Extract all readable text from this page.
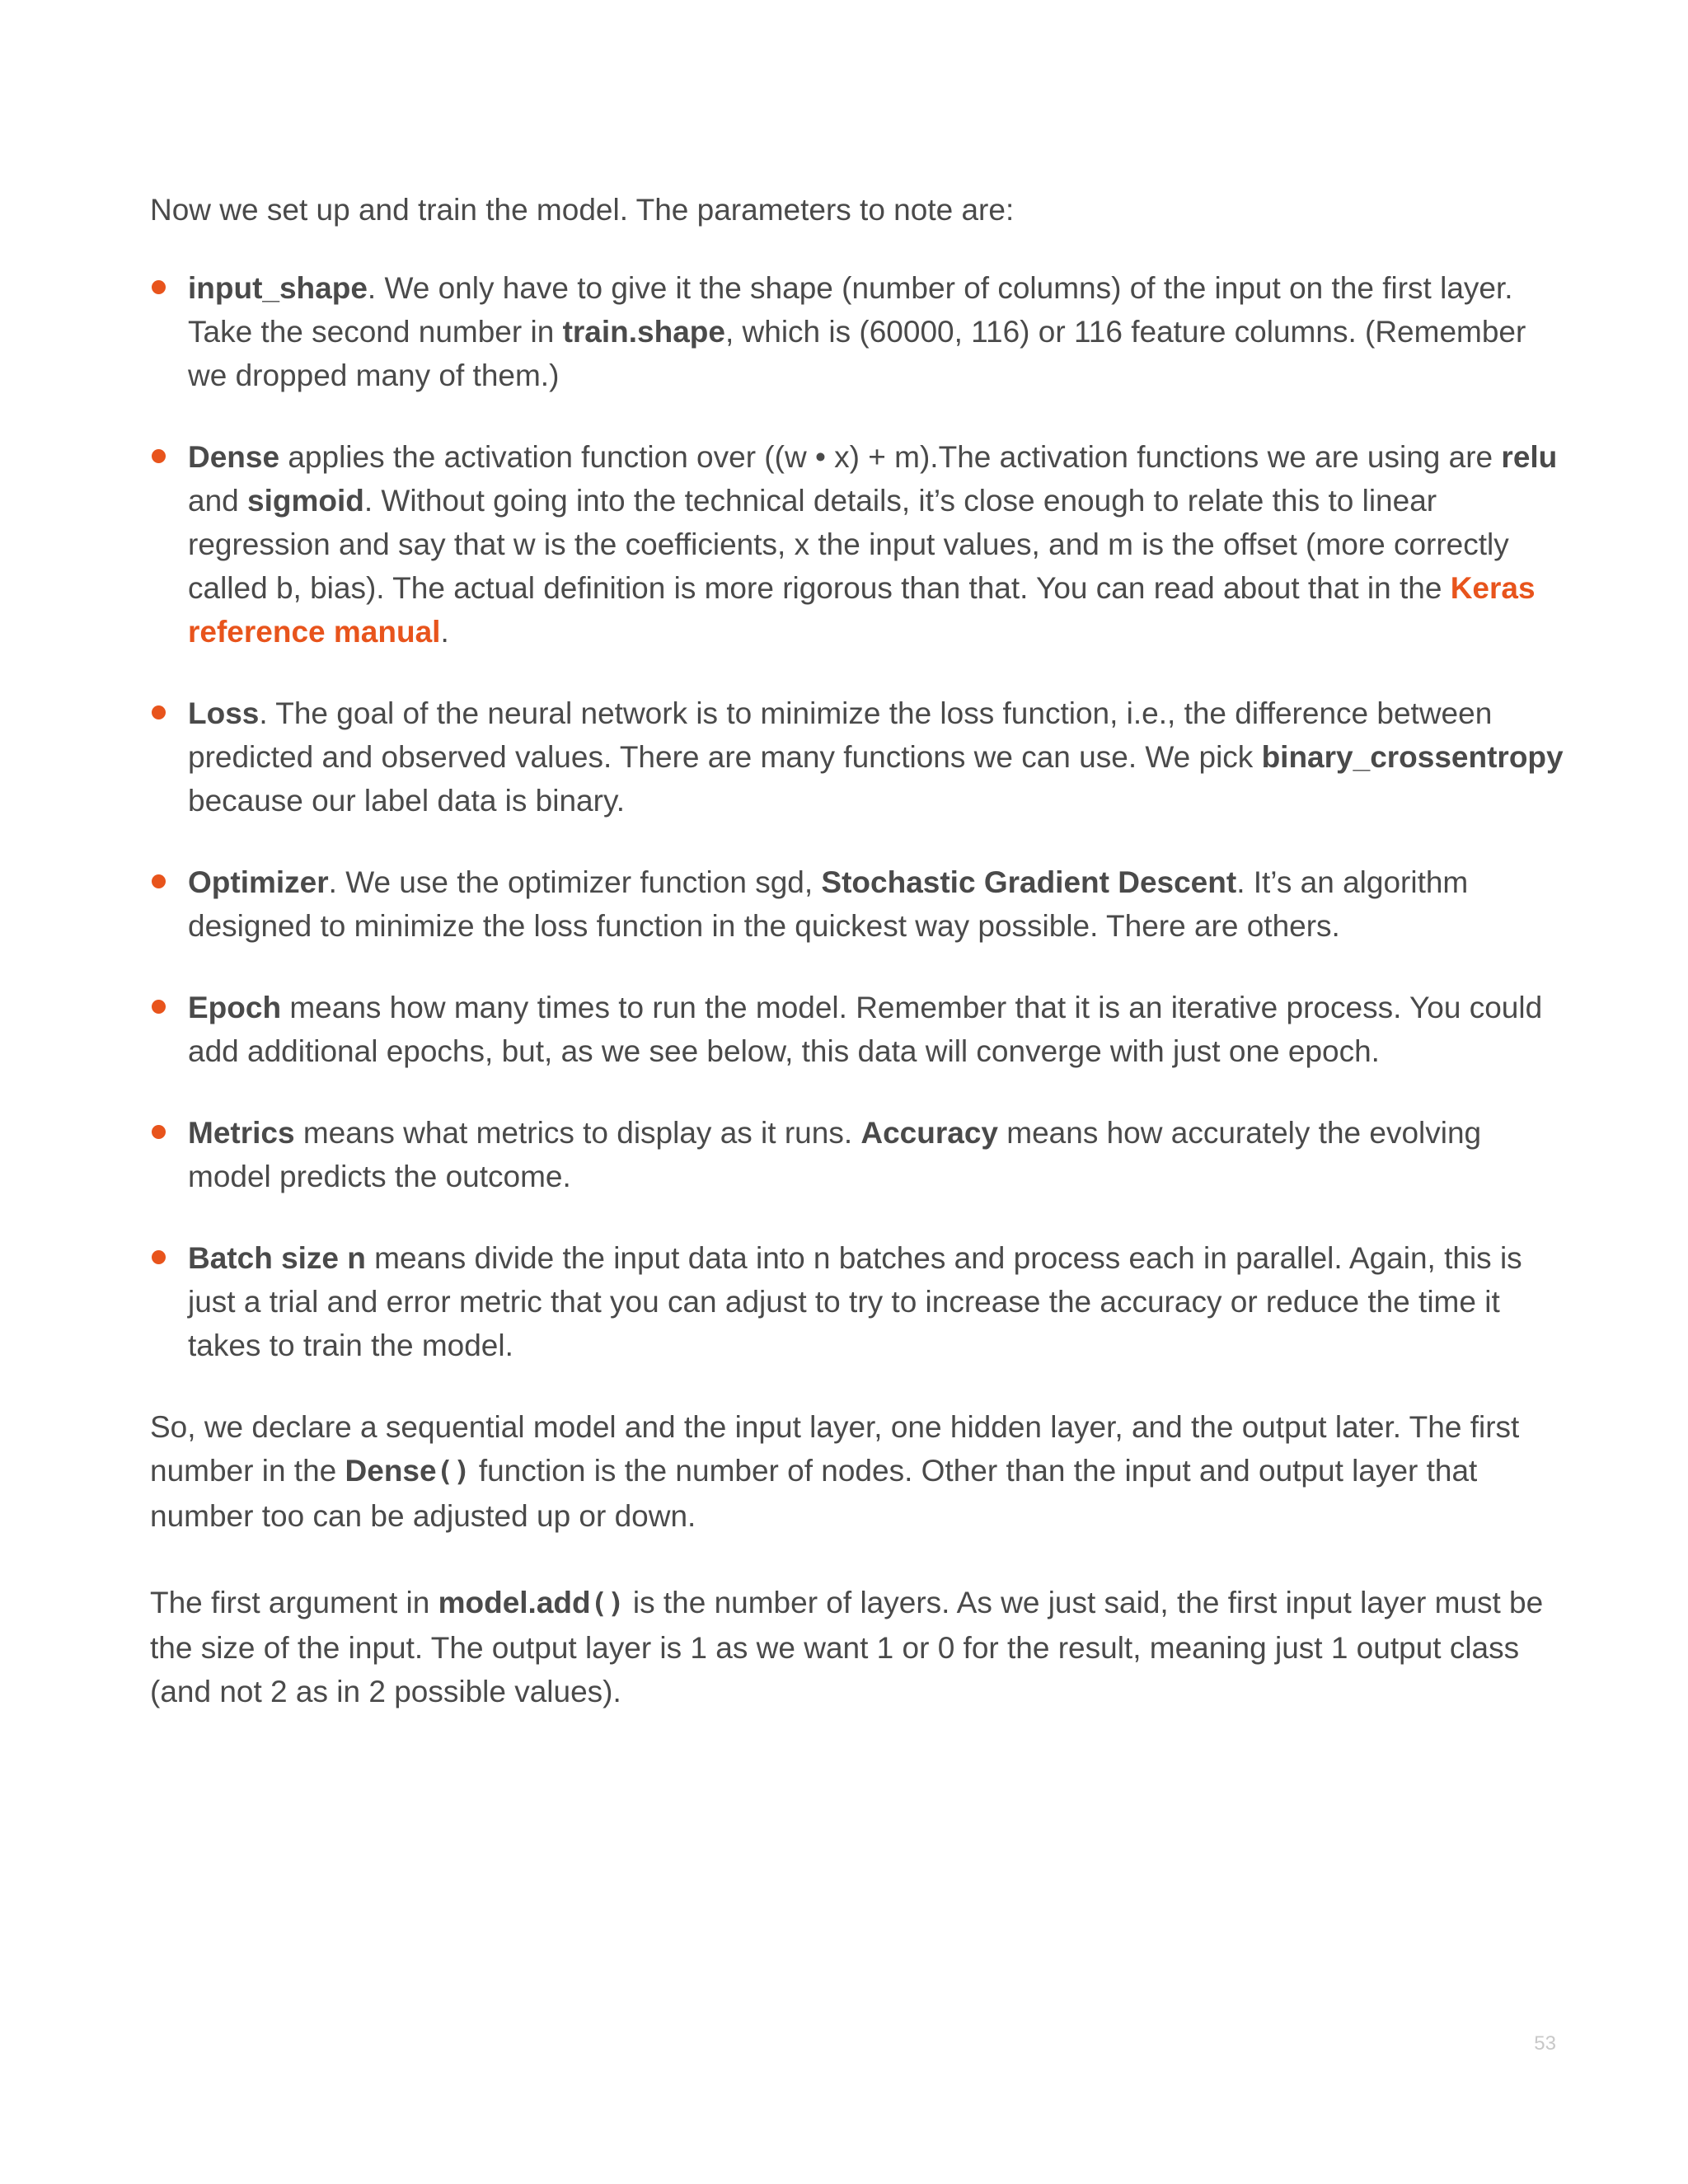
Now we set up and train the model. The parameters to note are:

input_shape. We only have to give it the shape (number of columns) of the input on the first layer. Take the second number in train.shape, which is (60000, 116) or 116 feature columns. (Remember we dropped many of them.)

Dense applies the activation function over ((w • x) + m).The activation functions we are using are relu and sigmoid. Without going into the technical details, it’s close enough to relate this to linear regression and say that w is the coefficients, x the input values, and m is the offset (more correctly called b, bias). The actual definition is more rigorous than that. You can read about that in the Keras reference manual.

Loss. The goal of the neural network is to minimize the loss function, i.e., the difference between predicted and observed values. There are many functions we can use. We pick binary_crossentropy because our label data is binary.

Optimizer. We use the optimizer function sgd, Stochastic Gradient Descent. It’s an algorithm designed to minimize the loss function in the quickest way possible. There are others.

Epoch means how many times to run the model. Remember that it is an iterative process. You could add additional epochs, but, as we see below, this data will converge with just one epoch.

Metrics means what metrics to display as it runs. Accuracy means how accurately the evolving model predicts the outcome.

Batch size n means divide the input data into n batches and process each in parallel. Again, this is just a trial and error metric that you can adjust to try to increase the accuracy or reduce the time it takes to train the model.

So, we declare a sequential model and the input layer, one hidden layer, and the output later. The first number in the Dense() function is the number of nodes. Other than the input and output layer that number too can be adjusted up or down.

The first argument in model.add() is the number of layers. As we just said, the first input layer must be the size of the input. The output layer is 1 as we want 1 or 0 for the result, meaning just 1 output class (and not 2 as in 2 possible values).

53
